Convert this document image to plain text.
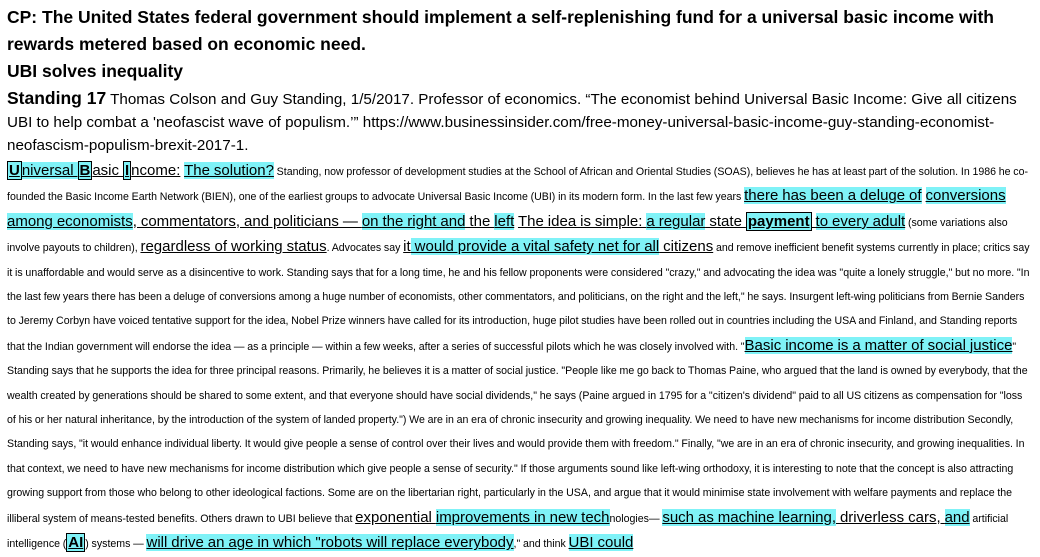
CP: The United States federal government should implement a self-replenishing fund for a universal basic income with rewards metered based on economic need.

UBI solves inequality

Standing 17 Thomas Colson and Guy Standing, 1/5/2017. Professor of economics. “The economist behind Universal Basic Income: Give all citizens UBI to help combat a 'neofascist wave of populism.’” https://www.businessinsider.com/free-money-universal-basic-income-guy-standing-economist-neofascism-populism-brexit-2017-1.

U niversal B asic I ncome: The solution? Standing, now professor of development studies at the School of African and Oriental Studies (SOAS), believes he has at least part of the solution. In 1986 he co-founded the Basic Income Earth Network (BIEN), one of the earliest groups to advocate Universal Basic Income (UBI) in its modern form. In the last few years there has been a deluge of conversions among economists, commentators, and politicians — on the right and the left The idea is simple: a regular state payment to every adult (some variations also involve payouts to children), regardless of working status. Advocates say it would provide a vital safety net for all citizens and remove inefficient benefit systems currently in place; critics say it is unaffordable and would serve as a disincentive to work. Standing says that for a long time, he and his fellow proponents were considered "crazy," and advocating the idea was "quite a lonely struggle," but no more. "In the last few years there has been a deluge of conversions among a huge number of economists, other commentators, and politicians, on the right and the left," he says. Insurgent left-wing politicians from Bernie Sanders to Jeremy Corbyn have voiced tentative support for the idea, Nobel Prize winners have called for its introduction, huge pilot studies have been rolled out in countries including the USA and Finland, and Standing reports that the Indian government will endorse the idea — as a principle — within a few weeks, after a series of successful pilots which he was closely involved with. "Basic income is a matter of social justice" Standing says that he supports the idea for three principal reasons. Primarily, he believes it is a matter of social justice. "People like me go back to Thomas Paine, who argued that the land is owned by everybody, that the wealth created by generations should be shared to some extent, and that everyone should have social dividends," he says (Paine argued in 1795 for a "citizen's dividend" paid to all US citizens as compensation for "loss of his or her natural inheritance, by the introduction of the system of landed property.") We are in an era of chronic insecurity and growing inequality. We need to have new mechanisms for income distribution Secondly, Standing says, "it would enhance individual liberty. It would give people a sense of control over their lives and would provide them with freedom." Finally, "we are in an era of chronic insecurity, and growing inequalities. In that context, we need to have new mechanisms for income distribution which give people a sense of security." If those arguments sound like left-wing orthodoxy, it is interesting to note that the concept is also attracting growing support from those who belong to other ideological factions. Some are on the libertarian right, particularly in the USA, and argue that it would minimise state involvement with welfare payments and replace the illiberal system of means-tested benefits. Others drawn to UBI believe that exponential improvements in new technologies— such as machine learning, driverless cars, and artificial intelligence ( AI ) systems — will drive an age in which "robots will replace everybody," and think UBI could
